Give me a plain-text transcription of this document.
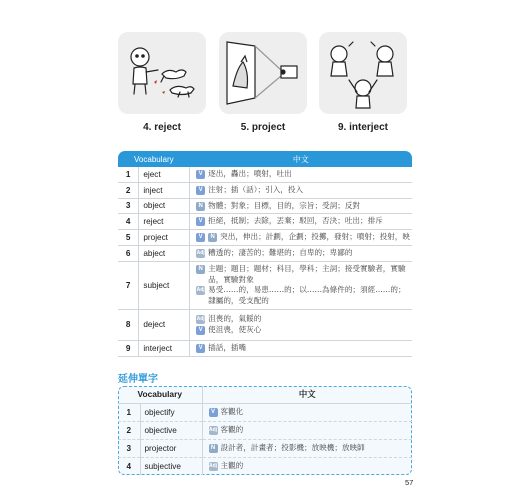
4. reject	5. project	9. interject
Vocabulary		中文
1	eject	V 逐出，轟出；噴射，吐出

2	inject	V 注射；插（話）；引入，投入

3	object	N 物體；對象；目標，目的，宗旨；受詞；反對

4	reject	V 拒絕，抵制；去除，丟棄；駁回，否決；吐出；排斥

5	project	V N 突出，伸出；計劃，企劃；投擲，發射；噴射；投射，映

6	abject	Adj 糟透的；淒苦的；難堪的；自卑的；卑鄙的

7	subject	N 主題；題目；題材；科目，學科；主詞；接受實驗者，實驗品，實驗對象
Adj 易受……的，易患……的；以……為條件的；須經……的；隸屬的，受支配的

8	deject	Adj 沮喪的，氣餒的
V 使沮喪，使灰心

9	interject	V 插話，插嘴
延伸單字
Vocabulary		中文
1	objectify	V 客觀化

2	objective	Adj 客觀的

3	projector	N 設計者，計畫者；投影機；放映機；放映師

4	subjective	Adj 主觀的
57
